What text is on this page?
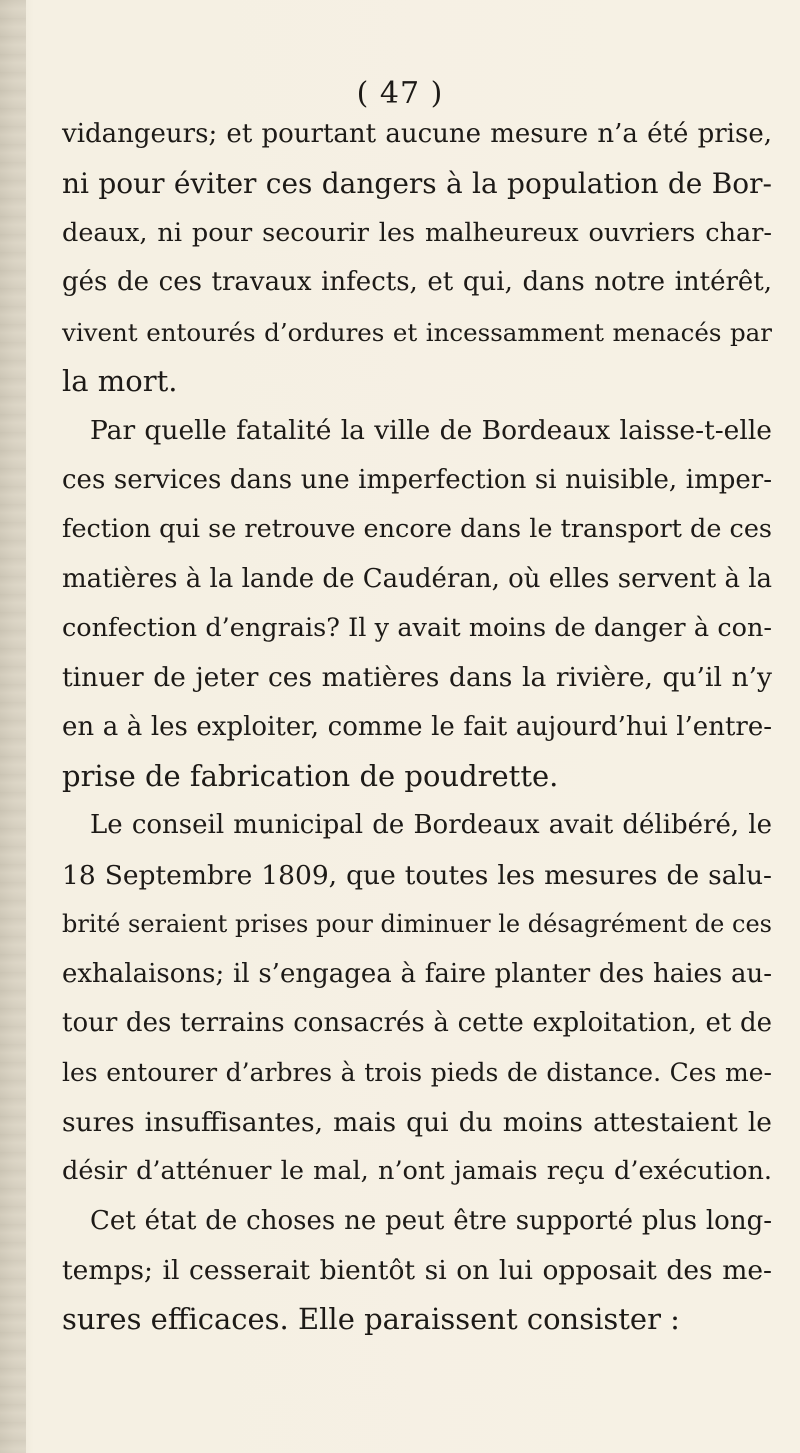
( 47 )
vidangeurs; et pourtant aucune mesure n’a été prise,
ni pour éviter ces dangers à la population de Bor-
deaux, ni pour secourir les malheureux ouvriers char-
gés de ces travaux infects, et qui, dans notre intérêt,
vivent entourés d’ordures et incessamment menacés par
la mort.
Par quelle fatalité la ville de Bordeaux laisse-t-elle
ces services dans une imperfection si nuisible, imper-
fection qui se retrouve encore dans le transport de ces
matières à la lande de Caudéran, où elles servent à la
confection d’engrais? Il y avait moins de danger à con-
tinuer de jeter ces matières dans la rivière, qu’il n’y
en a à les exploiter, comme le fait aujourd’hui l’entre-
prise de fabrication de poudrette.
Le conseil municipal de Bordeaux avait délibéré, le
18 Septembre 1809, que toutes les mesures de salu-
brité seraient prises pour diminuer le désagrément de ces
exhalaisons; il s’engagea à faire planter des haies au-
tour des terrains consacrés à cette exploitation, et de
les entourer d’arbres à trois pieds de distance. Ces me-
sures insuffisantes, mais qui du moins attestaient le
désir d’atténuer le mal, n’ont jamais reçu d’exécution.
Cet état de choses ne peut être supporté plus long-
temps; il cesserait bientôt si on lui opposait des me-
sures efficaces. Elle paraissent consister :
